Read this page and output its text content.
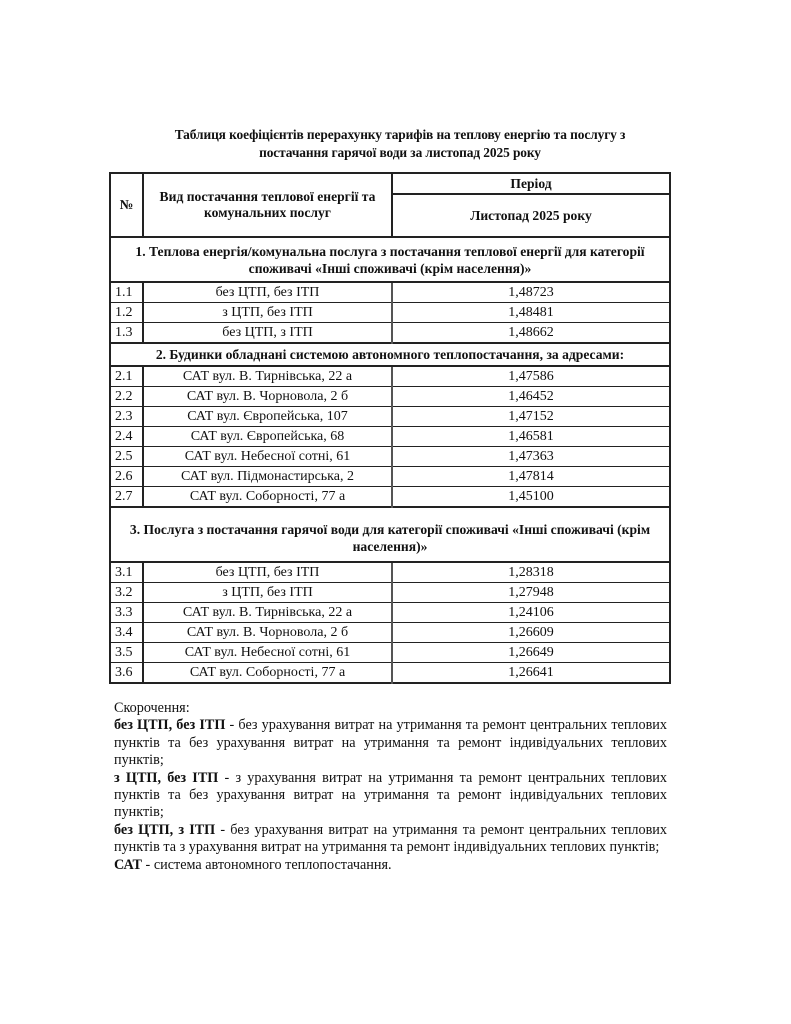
Таблиця коефіцієнтів перерахунку тарифів на теплову енергію та послугу з
постачання гарячої води за листопад 2025 року
№	Вид постачання теплової енергії та комунальних послуг	Період
		Листопад 2025 року
1. Теплова енергія/комунальна послуга з постачання теплової енергії для категорії споживачі «Інші споживачі (крім населення)»		
1.1	без ЦТП, без ІТП	1,48723
1.2	з ЦТП, без ІТП	1,48481
1.3	без ЦТП, з ІТП	1,48662
2. Будинки обладнані системою автономного теплопостачання, за адресами:		
2.1	САТ вул. В. Тирнівська, 22 а	1,47586
2.2	САТ вул. В. Чорновола, 2 б	1,46452
2.3	САТ вул. Європейська, 107	1,47152
2.4	САТ вул. Європейська, 68	1,46581
2.5	САТ вул. Небесної сотні, 61	1,47363
2.6	САТ вул. Підмонастирська, 2	1,47814
2.7	САТ вул. Соборності, 77 а	1,45100
3. Послуга з постачання гарячої води для категорії споживачі «Інші споживачі (крім населення)»		
3.1	без ЦТП, без ІТП	1,28318
3.2	з ЦТП, без ІТП	1,27948
3.3	САТ вул. В. Тирнівська, 22 а	1,24106
3.4	САТ вул. В. Чорновола, 2 б	1,26609
3.5	САТ вул. Небесної сотні, 61	1,26649
3.6	САТ вул. Соборності, 77 а	1,26641

Скорочення:

без ЦТП, без ІТП - без урахування витрат на утримання та ремонт центральних теплових пунктів та без урахування витрат на утримання та ремонт індивідуальних теплових пунктів;

з ЦТП, без ІТП - з урахування витрат на утримання та ремонт центральних теплових пунктів та без урахування витрат на утримання та ремонт індивідуальних теплових пунктів;

без ЦТП, з ІТП - без урахування витрат на утримання та ремонт центральних теплових пунктів та з урахування витрат на утримання та ремонт індивідуальних теплових пунктів;

САТ - система автономного теплопостачання.
